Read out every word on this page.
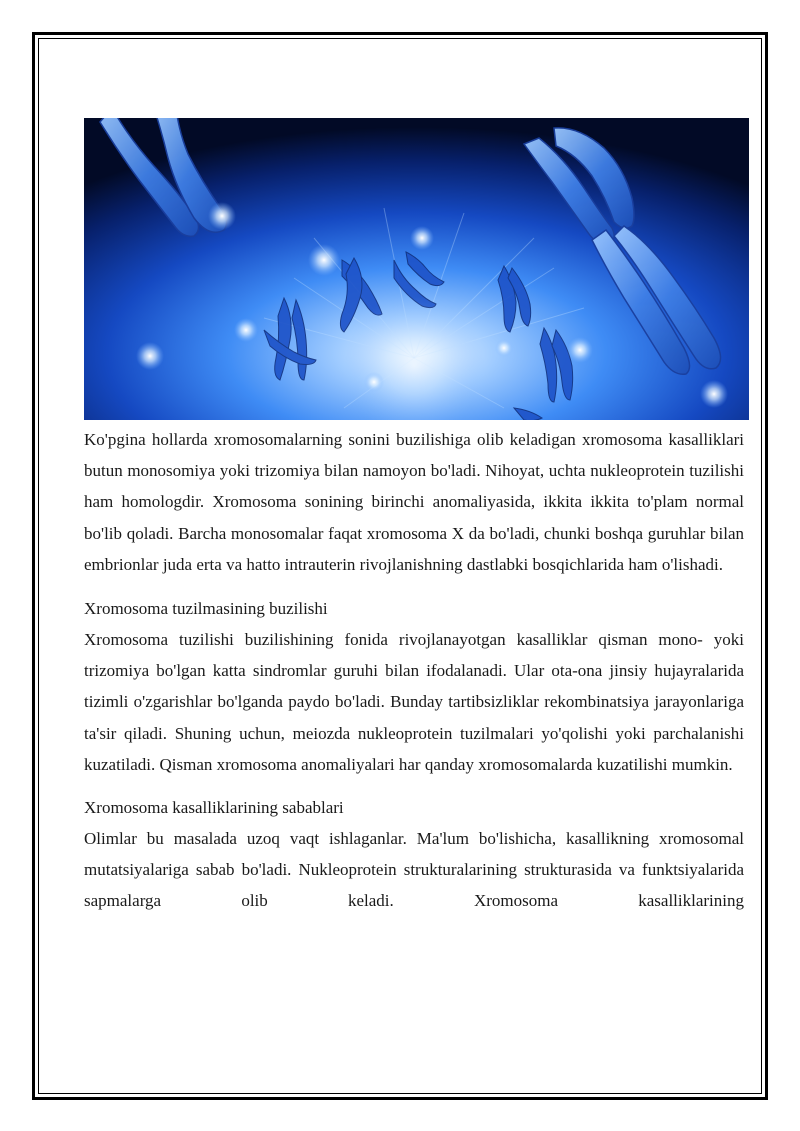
Ko'pgina hollarda xromosomalarning sonini buzilishiga olib keladigan xromosoma kasalliklari butun monosomiya yoki trizomiya bilan namoyon bo'ladi. Nihoyat, uchta nukleoprotein tuzilishi ham homologdir. Xromosoma sonining birinchi anomaliyasida, ikkita ikkita to'plam normal bo'lib qoladi. Barcha monosomalar faqat xromosoma X da bo'ladi, chunki boshqa guruhlar bilan embrionlar juda erta va hatto intrauterin rivojlanishning dastlabki bosqichlarida ham o'lishadi.

Xromosoma tuzilmasining buzilishi

Xromosoma tuzilishi buzilishining fonida rivojlanayotgan kasalliklar qisman mono- yoki trizomiya bo'lgan katta sindromlar guruhi bilan ifodalanadi. Ular ota-ona jinsiy hujayralarida tizimli o'zgarishlar bo'lganda paydo bo'ladi. Bunday tartibsizliklar rekombinatsiya jarayonlariga ta'sir qiladi. Shuning uchun, meiozda nukleoprotein tuzilmalari yo'qolishi yoki parchalanishi kuzatiladi. Qisman xromosoma anomaliyalari har qanday xromosomalarda kuzatilishi mumkin.

Xromosoma kasalliklarining sabablari

Olimlar bu masalada uzoq vaqt ishlaganlar. Ma'lum bo'lishicha, kasallikning xromosomal mutatsiyalariga sabab bo'ladi. Nukleoprotein strukturalarining strukturasida va funktsiyalarida sapmalarga olib keladi. Xromosoma kasalliklarining
